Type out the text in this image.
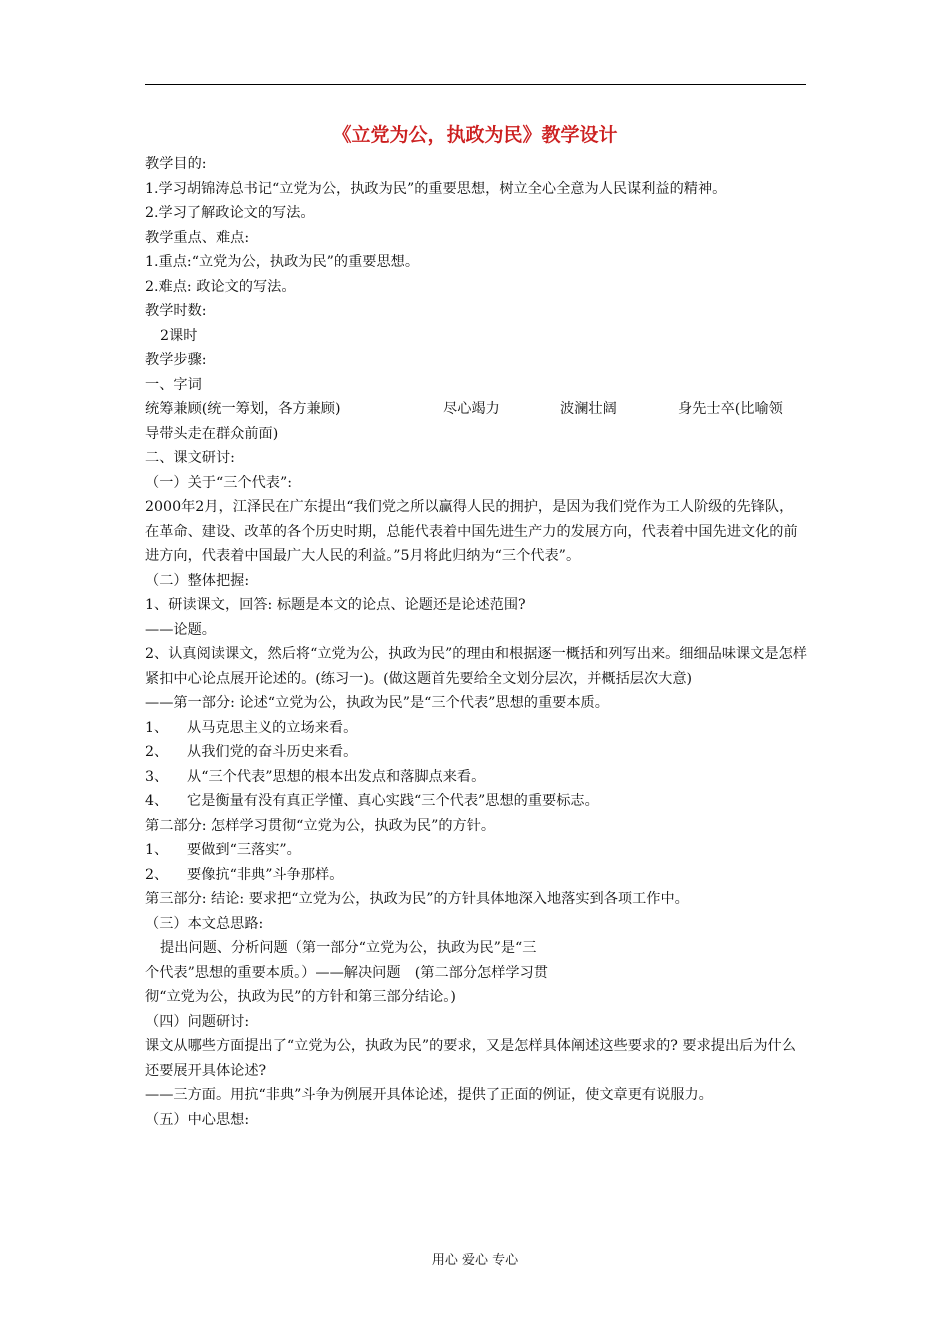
《立党为公，执政为民》教学设计

教学目的:

1.学习胡锦涛总书记“立党为公，执政为民”的重要思想，树立全心全意为人民谋利益的精神。

2.学习了解政论文的写法。

教学重点、难点:

1.重点:“立党为公，执政为民”的重要思想。

2.难点: 政论文的写法。

教学时数:

2课时

教学步骤:

一、字词

统筹兼顾(统一筹划，各方兼顾)	尽心竭力	波澜壮阔	身先士卒(比喻领

导带头走在群众前面)

二、课文研讨:

（一）关于“三个代表”:

2000年2月，江泽民在广东提出“我们党之所以赢得人民的拥护，是因为我们党作为工人阶级的先锋队，在革命、建设、改革的各个历史时期，总能代表着中国先进生产力的发展方向，代表着中国先进文化的前进方向，代表着中国最广大人民的利益。”5月将此归纳为“三个代表”。

（二）整体把握:

1、研读课文，回答: 标题是本文的论点、论题还是论述范围?

——论题。

2、认真阅读课文，然后将“立党为公，执政为民”的理由和根据逐一概括和列写出来。细细品味课文是怎样紧扣中心论点展开论述的。(练习一)。(做这题首先要给全文划分层次，并概括层次大意)

——第一部分: 论述“立党为公，执政为民”是“三个代表”思想的重要本质。

1、 从马克思主义的立场来看。

2、 从我们党的奋斗历史来看。

3、 从“三个代表”思想的根本出发点和落脚点来看。

4、 它是衡量有没有真正学懂、真心实践“三个代表”思想的重要标志。

第二部分: 怎样学习贯彻“立党为公，执政为民”的方针。

1、 要做到“三落实”。

2、 要像抗“非典”斗争那样。

第三部分: 结论: 要求把“立党为公，执政为民”的方针具体地深入地落实到各项工作中。

（三）本文总思路:

提出问题、分析问题（第一部分“立党为公，执政为民”是“三

个代表”思想的重要本质。）——解决问题　(第二部分怎样学习贯

彻“立党为公，执政为民”的方针和第三部分结论。)

（四）问题研讨:

课文从哪些方面提出了“立党为公，执政为民”的要求，又是怎样具体阐述这些要求的? 要求提出后为什么还要展开具体论述?

——三方面。用抗“非典”斗争为例展开具体论述，提供了正面的例证，使文章更有说服力。

（五）中心思想:

用心 爱心 专心
